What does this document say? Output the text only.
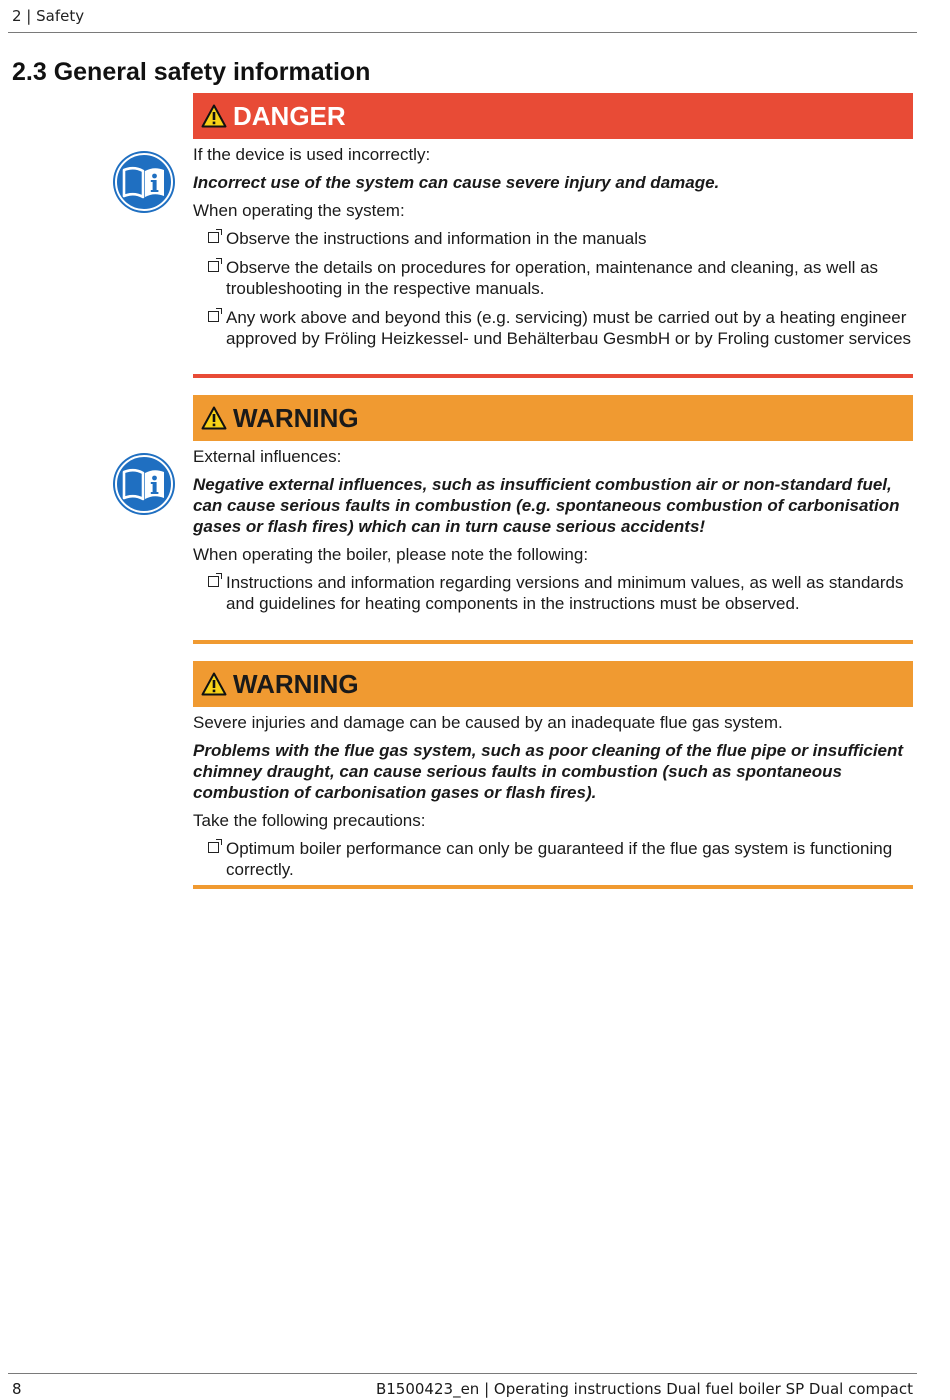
2 | Safety
2.3 General safety information
DANGER

If the device is used incorrectly:

Incorrect use of the system can cause severe injury and damage.

When operating the system:

Observe the instructions and information in the manuals
Observe the details on procedures for operation, maintenance and cleaning, as well as troubleshooting in the respective manuals.
Any work above and beyond this (e.g. servicing) must be carried out by a heating engineer approved by Fröling Heizkessel- und Behälterbau GesmbH or by Froling customer services
WARNING

External influences:

Negative external influences, such as insufficient combustion air or non-standard fuel, can cause serious faults in combustion (e.g. spontaneous combustion of carbonisation gases or flash fires) which can in turn cause serious accidents!

When operating the boiler, please note the following:

Instructions and information regarding versions and minimum values, as well as standards and guidelines for heating components in the instructions must be observed.
WARNING

Severe injuries and damage can be caused by an inadequate flue gas system.

Problems with the flue gas system, such as poor cleaning of the flue pipe or insufficient chimney draught, can cause serious faults in combustion (such as spontaneous combustion of carbonisation gases or flash fires).

Take the following precautions:

Optimum boiler performance can only be guaranteed if the flue gas system is functioning correctly.
8	B1500423_en | Operating instructions Dual fuel boiler SP Dual compact
